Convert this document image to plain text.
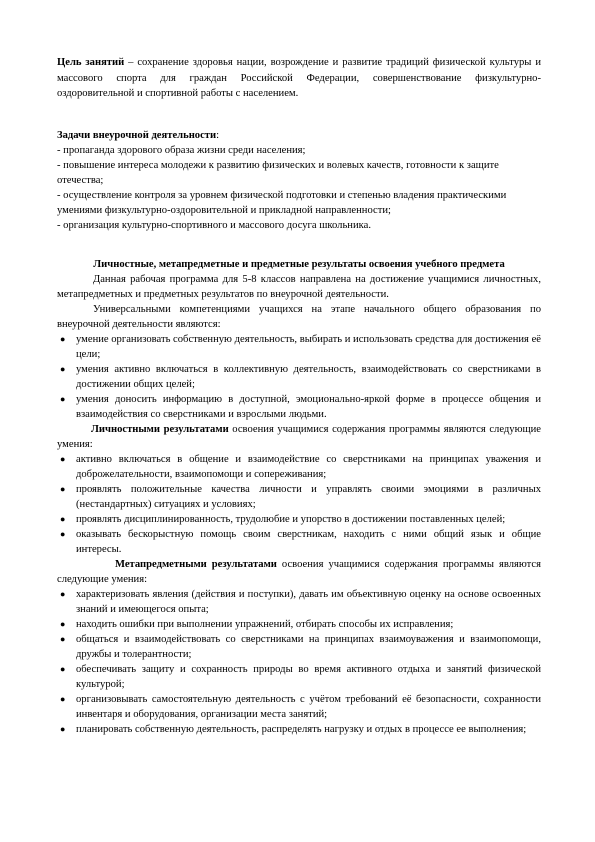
Цель занятий – сохранение здоровья нации, возрождение и развитие традиций физической культуры и массового спорта для граждан Российской Федерации, совершенствование физкультурно-оздоровительной и спортивной работы с населением.

Задачи внеурочной деятельности:

- пропаганда здорового образа жизни среди населения;

- повышение интереса молодежи к развитию физических и волевых качеств, готовности к защите отечества;

- осуществление контроля за уровнем физической подготовки и степенью владения практическими умениями физкультурно-оздоровительной и прикладной направленности;

- организация культурно-спортивного и массового досуга школьника.

Личностные, метапредметные и предметные результаты освоения учебного предмета

Данная рабочая программа для 5-8 классов направлена на достижение учащимися личностных, метапредметных и предметных результатов по внеурочной деятельности.

Универсальными компетенциями учащихся на этапе начального общего образования по внеурочной деятельности являются:

● умение организовать собственную деятельность, выбирать и использовать средства для достижения её цели;
● умения активно включаться в коллективную деятельность, взаимодействовать со сверстниками в достижении общих целей;
● умения доносить информацию в доступной, эмоционально-яркой форме в процессе общения и взаимодействия со сверстниками и взрослыми людьми.

Личностными результатами освоения учащимися содержания программы являются следующие умения:

● активно включаться в общение и взаимодействие со сверстниками на принципах уважения и доброжелательности, взаимопомощи и сопереживания;
● проявлять положительные качества личности и управлять своими эмоциями в различных (нестандартных) ситуациях и условиях;
● проявлять дисциплинированность, трудолюбие и упорство в достижении поставленных целей;
● оказывать бескорыстную помощь своим сверстникам, находить с ними общий язык и общие интересы.

Метапредметными результатами освоения учащимися содержания программы являются следующие умения:

● характеризовать явления (действия и поступки), давать им объективную оценку на основе освоенных знаний и имеющегося опыта;
● находить ошибки при выполнении упражнений, отбирать способы их исправления;
● общаться и взаимодействовать со сверстниками на принципах взаимоуважения и взаимопомощи, дружбы и толерантности;
● обеспечивать защиту и сохранность природы во время активного отдыха и занятий физической культурой;
● организовывать самостоятельную деятельность с учётом требований её безопасности, сохранности инвентаря и оборудования, организации места занятий;
● планировать собственную деятельность, распределять нагрузку и отдых в процессе ее выполнения;
